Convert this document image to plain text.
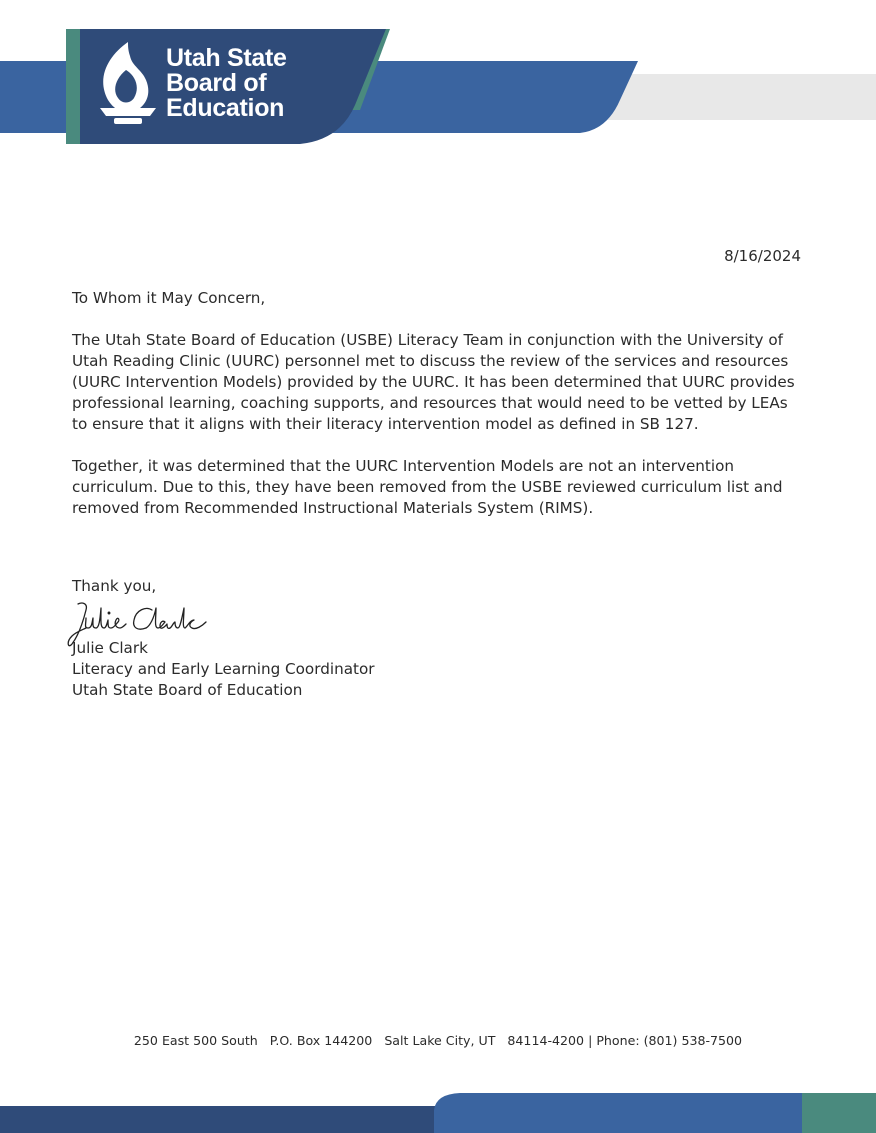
Utah State
Board of
Education
8/16/2024

To Whom it May Concern,

The Utah State Board of Education (USBE) Literacy Team in conjunction with the University of Utah Reading Clinic (UURC) personnel met to discuss the review of the services and resources (UURC Intervention Models) provided by the UURC. It has been determined that UURC provides professional learning, coaching supports, and resources that would need to be vetted by LEAs to ensure that it aligns with their literacy intervention model as defined in SB 127.

Together, it was determined that the UURC Intervention Models are not an intervention curriculum. Due to this, they have been removed from the USBE reviewed curriculum list and removed from Recommended Instructional Materials System (RIMS).

Thank you,
Julie Clark
Literacy and Early Learning Coordinator
Utah State Board of Education
250 East 500 South   P.O. Box 144200   Salt Lake City, UT   84114-4200 | Phone: (801) 538-7500
